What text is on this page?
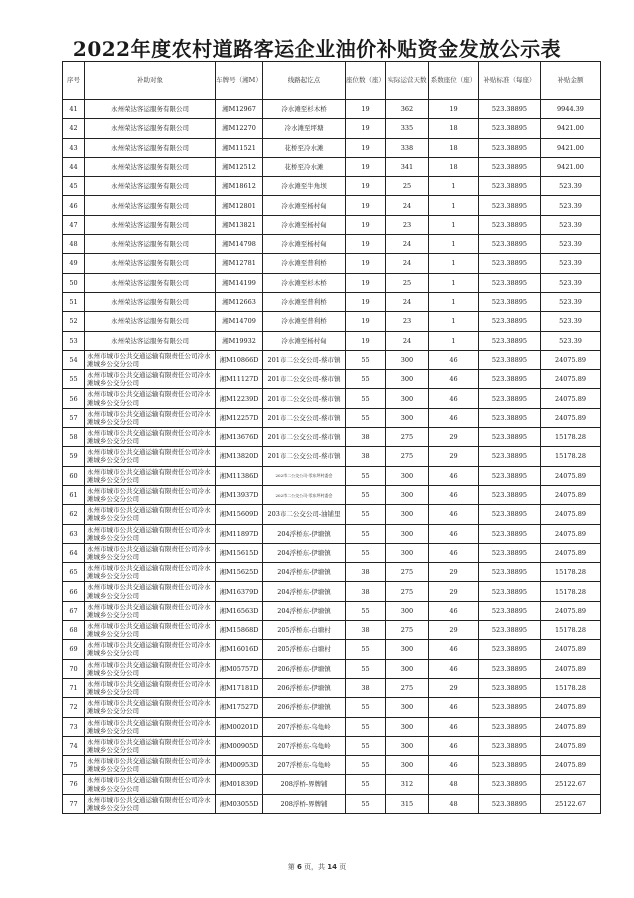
2022年度农村道路客运企业油价补贴资金发放公示表
序号	补助对象	车牌号（湘M）	线路起讫点	座位数（座）	实际运营天数	系数座位（座）	补贴标准（每座）	补贴金额
41	永州荣达客运服务有限公司	湘M12967	冷水滩至杉木桥	19	362	19	523.38895	9944.39
42	永州荣达客运服务有限公司	湘M12270	冷水滩至坪塘	19	335	18	523.38895	9421.00
43	永州荣达客运服务有限公司	湘M11521	花桥至冷水滩	19	338	18	523.38895	9421.00
44	永州荣达客运服务有限公司	湘M12512	花桥至冷水滩	19	341	18	523.38895	9421.00
45	永州荣达客运服务有限公司	湘M18612	冷水滩至牛角坝	19	25	1	523.38895	523.39
46	永州荣达客运服务有限公司	湘M12801	冷水滩至杨村甸	19	24	1	523.38895	523.39
47	永州荣达客运服务有限公司	湘M13821	冷水滩至杨村甸	19	23	1	523.38895	523.39
48	永州荣达客运服务有限公司	湘M14798	冷水滩至杨村甸	19	24	1	523.38895	523.39
49	永州荣达客运服务有限公司	湘M12781	冷水滩至普利桥	19	24	1	523.38895	523.39
50	永州荣达客运服务有限公司	湘M14199	冷水滩至杉木桥	19	25	1	523.38895	523.39
51	永州荣达客运服务有限公司	湘M12663	冷水滩至普利桥	19	24	1	523.38895	523.39
52	永州荣达客运服务有限公司	湘M14709	冷水滩至普利桥	19	23	1	523.38895	523.39
53	永州荣达客运服务有限公司	湘M19932	冷水滩至杨村甸	19	24	1	523.38895	523.39
54	永州市城市公共交通运输有限责任公司冷水滩城乡公交分公司	湘M10866D	201市二公交公司-蔡市镇	55	300	46	523.38895	24075.89
55	永州市城市公共交通运输有限责任公司冷水滩城乡公交分公司	湘M11127D	201市二公交公司-蔡市镇	55	300	46	523.38895	24075.89
56	永州市城市公共交通运输有限责任公司冷水滩城乡公交分公司	湘M12239D	201市二公交公司-蔡市镇	55	300	46	523.38895	24075.89
57	永州市城市公共交通运输有限责任公司冷水滩城乡公交分公司	湘M12257D	201市二公交公司-蔡市镇	55	300	46	523.38895	24075.89
58	永州市城市公共交通运输有限责任公司冷水滩城乡公交分公司	湘M13676D	201市二公交公司-蔡市镇	38	275	29	523.38895	15178.28
59	永州市城市公共交通运输有限责任公司冷水滩城乡公交分公司	湘M13820D	201市二公交公司-蔡市镇	38	275	29	523.38895	15178.28
60	永州市城市公共交通运输有限责任公司冷水滩城乡公交分公司	湘M11386D	202市二公交公司-零东坪村委会	55	300	46	523.38895	24075.89
61	永州市城市公共交通运输有限责任公司冷水滩城乡公交分公司	湘M13937D	202市二公交公司-零东坪村委会	55	300	46	523.38895	24075.89
62	永州市城市公共交通运输有限责任公司冷水滩城乡公交分公司	湘M15609D	203市二公交公司-油铺里	55	300	46	523.38895	24075.89
63	永州市城市公共交通运输有限责任公司冷水滩城乡公交分公司	湘M11897D	204浮桥东-伊塘镇	55	300	46	523.38895	24075.89
64	永州市城市公共交通运输有限责任公司冷水滩城乡公交分公司	湘M15615D	204浮桥东-伊塘镇	55	300	46	523.38895	24075.89
65	永州市城市公共交通运输有限责任公司冷水滩城乡公交分公司	湘M15625D	204浮桥东-伊塘镇	38	275	29	523.38895	15178.28
66	永州市城市公共交通运输有限责任公司冷水滩城乡公交分公司	湘M16379D	204浮桥东-伊塘镇	38	275	29	523.38895	15178.28
67	永州市城市公共交通运输有限责任公司冷水滩城乡公交分公司	湘M16563D	204浮桥东-伊塘镇	55	300	46	523.38895	24075.89
68	永州市城市公共交通运输有限责任公司冷水滩城乡公交分公司	湘M15868D	205浮桥东-白塘村	38	275	29	523.38895	15178.28
69	永州市城市公共交通运输有限责任公司冷水滩城乡公交分公司	湘M16016D	205浮桥东-白塘村	55	300	46	523.38895	24075.89
70	永州市城市公共交通运输有限责任公司冷水滩城乡公交分公司	湘M05757D	206浮桥东-伊塘镇	55	300	46	523.38895	24075.89
71	永州市城市公共交通运输有限责任公司冷水滩城乡公交分公司	湘M17181D	206浮桥东-伊塘镇	38	275	29	523.38895	15178.28
72	永州市城市公共交通运输有限责任公司冷水滩城乡公交分公司	湘M17527D	206浮桥东-伊塘镇	55	300	46	523.38895	24075.89
73	永州市城市公共交通运输有限责任公司冷水滩城乡公交分公司	湘M00201D	207浮桥东-乌龟岭	55	300	46	523.38895	24075.89
74	永州市城市公共交通运输有限责任公司冷水滩城乡公交分公司	湘M00905D	207浮桥东-乌龟岭	55	300	46	523.38895	24075.89
75	永州市城市公共交通运输有限责任公司冷水滩城乡公交分公司	湘M00953D	207浮桥东-乌龟岭	55	300	46	523.38895	24075.89
76	永州市城市公共交通运输有限责任公司冷水滩城乡公交分公司	湘M01839D	208浮桥-界牌铺	55	312	48	523.38895	25122.67
77	永州市城市公共交通运输有限责任公司冷水滩城乡公交分公司	湘M03055D	208浮桥-界牌铺	55	315	48	523.38895	25122.67
第 6 页，共 14 页
